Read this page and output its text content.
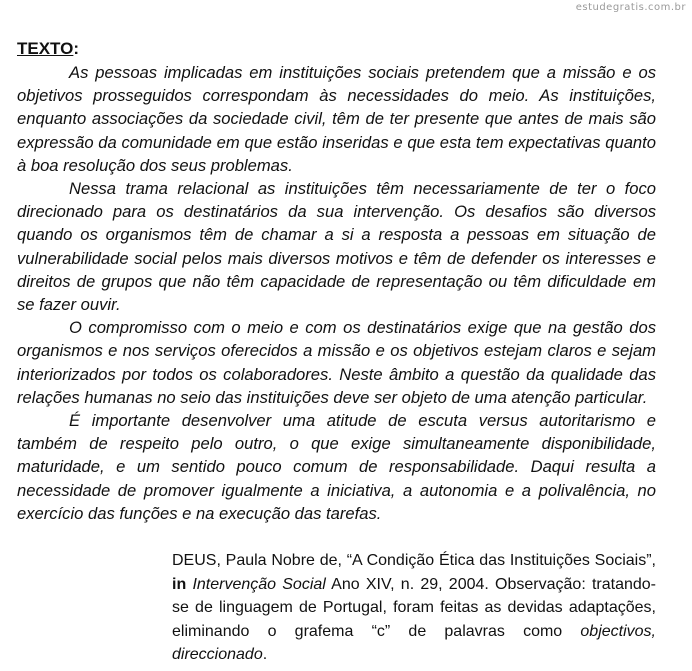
estudegratis.com.br
TEXTO:

As pessoas implicadas em instituições sociais pretendem que a missão e os objetivos prosseguidos correspondam às necessidades do meio. As instituições, enquanto associações da sociedade civil, têm de ter presente que antes de mais são expressão da comunidade em que estão inseridas e que esta tem expectativas quanto à boa resolução dos seus problemas.

Nessa trama relacional as instituições têm necessariamente de ter o foco direcionado para os destinatários da sua intervenção. Os desafios são diversos quando os organismos têm de chamar a si a resposta a pessoas em situação de vulnerabilidade social pelos mais diversos motivos e têm de defender os interesses e direitos de grupos que não têm capacidade de representação ou têm dificuldade em se fazer ouvir.

O compromisso com o meio e com os destinatários exige que na gestão dos organismos e nos serviços oferecidos a missão e os objetivos estejam claros e sejam interiorizados por todos os colaboradores. Neste âmbito a questão da qualidade das relações humanas no seio das instituições deve ser objeto de uma atenção particular.

É importante desenvolver uma atitude de escuta versus autoritarismo e também de respeito pelo outro, o que exige simultaneamente disponibilidade, maturidade, e um sentido pouco comum de responsabilidade. Daqui resulta a necessidade de promover igualmente a iniciativa, a autonomia e a polivalência, no exercício das funções e na execução das tarefas.

DEUS, Paula Nobre de, “A Condição Ética das Instituições Sociais”, in Intervenção Social Ano XIV, n. 29, 2004. Observação: tratando-se de linguagem de Portugal, foram feitas as devidas adaptações, eliminando o grafema “c” de palavras como objectivos, direccionado.
